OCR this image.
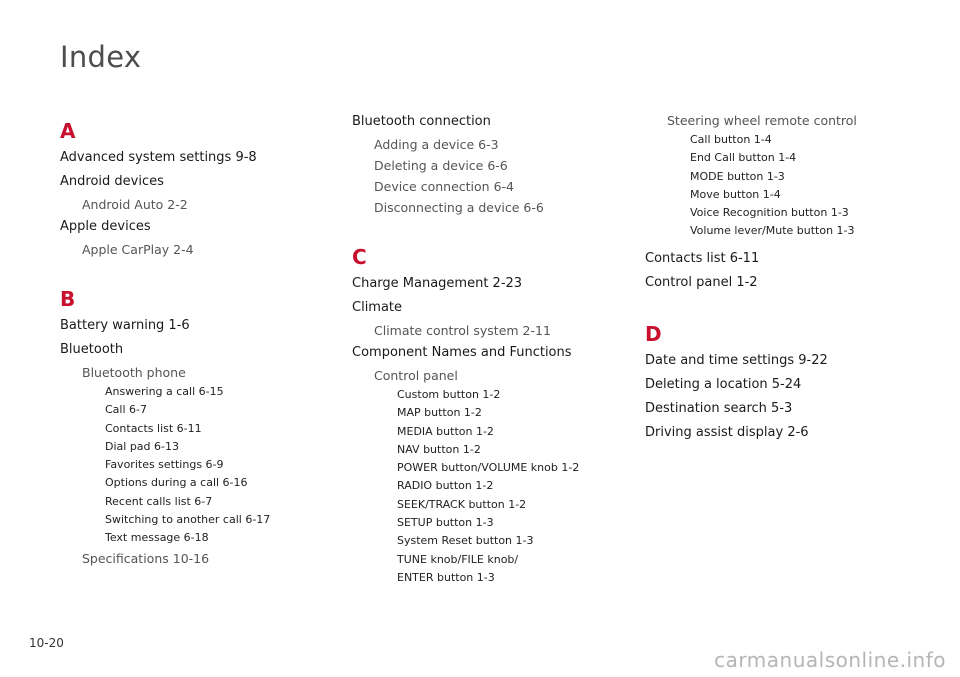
Index
A
Advanced system settings 9-8
Android devices
Android Auto 2-2
Apple devices
Apple CarPlay 2-4
B
Battery warning 1-6
Bluetooth
Bluetooth phone
Answering a call 6-15
Call 6-7
Contacts list 6-11
Dial pad 6-13
Favorites settings 6-9
Options during a call 6-16
Recent calls list 6-7
Switching to another call 6-17
Text message 6-18
Specifications 10-16
Bluetooth connection
Adding a device 6-3
Deleting a device 6-6
Device connection 6-4
Disconnecting a device 6-6
C
Charge Management 2-23
Climate
Climate control system 2-11
Component Names and Functions
Control panel
Custom button 1-2
MAP button 1-2
MEDIA button 1-2
NAV button 1-2
POWER button/VOLUME knob 1-2
RADIO button 1-2
SEEK/TRACK button 1-2
SETUP button 1-3
System Reset button 1-3
TUNE knob/FILE knob/
ENTER button 1-3
Steering wheel remote control
Call button 1-4
End Call button 1-4
MODE button 1-3
Move button 1-4
Voice Recognition button 1-3
Volume lever/Mute button 1-3
Contacts list 6-11
Control panel 1-2
D
Date and time settings 9-22
Deleting a location 5-24
Destination search 5-3
Driving assist display 2-6
10-20
carmanualsonline.info
